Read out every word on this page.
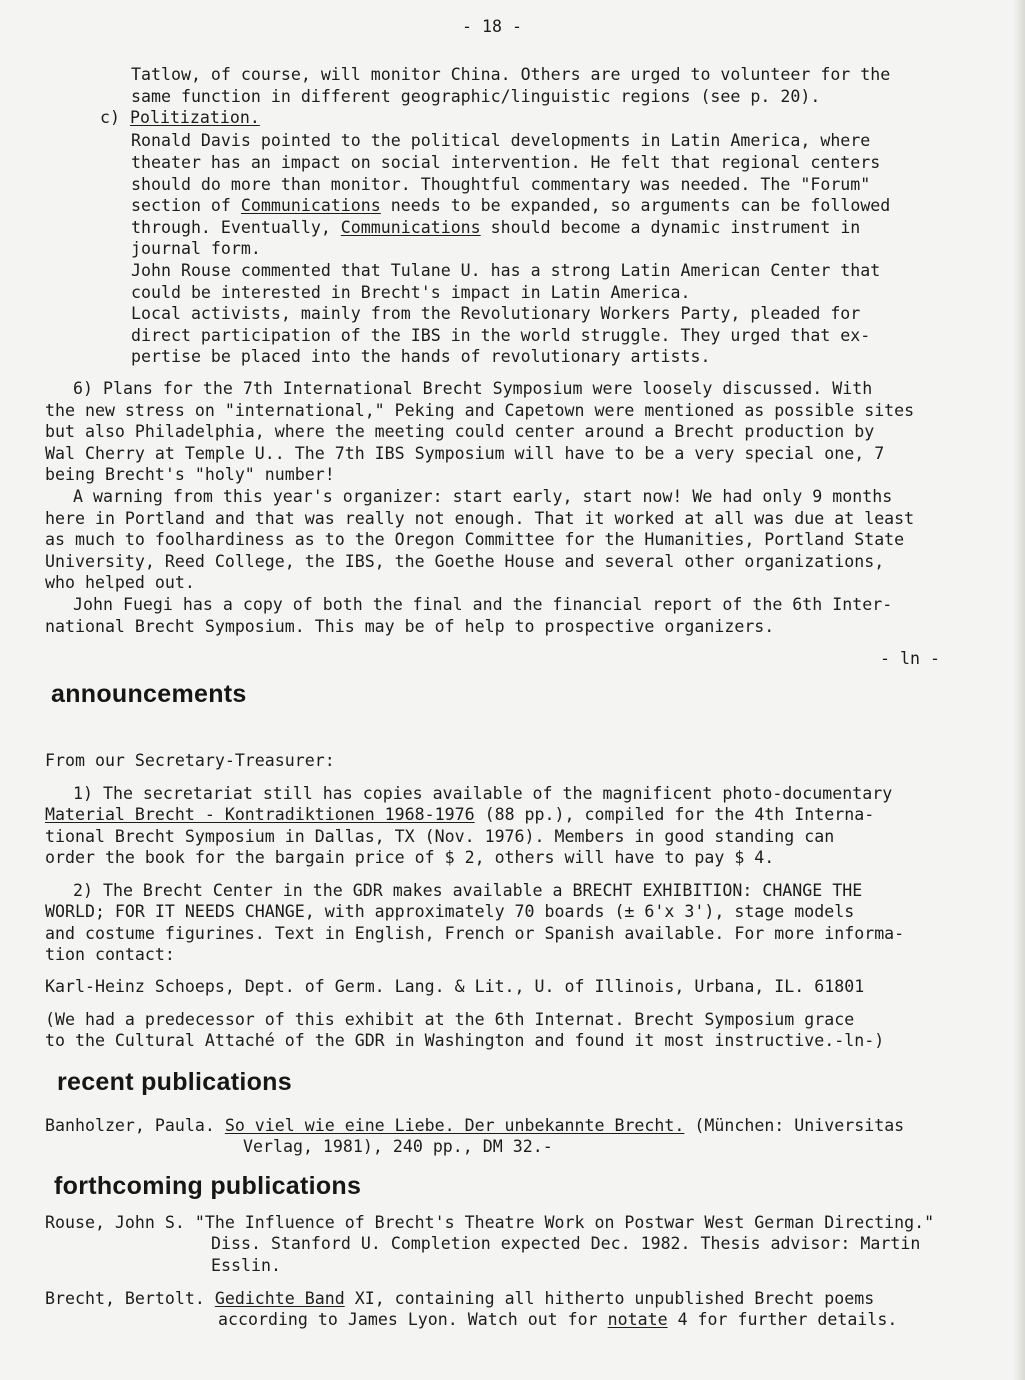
- 18 -
Tatlow, of course, will monitor China. Others are urged to volunteer for the
same function in different geographic/linguistic regions (see p. 20).
c) Politization.
Ronald Davis pointed to the political developments in Latin America, where
theater has an impact on social intervention. He felt that regional centers
should do more than monitor. Thoughtful commentary was needed. The "Forum"
section of Communications needs to be expanded, so arguments can be followed
through. Eventually, Communications should become a dynamic instrument in
journal form.
John Rouse commented that Tulane U. has a strong Latin American Center that
could be interested in Brecht's impact in Latin America.
Local activists, mainly from the Revolutionary Workers Party, pleaded for
direct participation of the IBS in the world struggle. They urged that ex-
pertise be placed into the hands of revolutionary artists.
6) Plans for the 7th International Brecht Symposium were loosely discussed. With
the new stress on "international," Peking and Capetown were mentioned as possible sites
but also Philadelphia, where the meeting could center around a Brecht production by
Wal Cherry at Temple U.. The 7th IBS Symposium will have to be a very special one, 7
being Brecht's "holy" number!
A warning from this year's organizer: start early, start now! We had only 9 months
here in Portland and that was really not enough. That it worked at all was due at least
as much to foolhardiness as to the Oregon Committee for the Humanities, Portland State
University, Reed College, the IBS, the Goethe House and several other organizations,
who helped out.
John Fuegi has a copy of both the final and the financial report of the 6th Inter-
national Brecht Symposium. This may be of help to prospective organizers.
- ln -
announcements
From our Secretary-Treasurer:
1) The secretariat still has copies available of the magnificent photo-documentary
Material Brecht - Kontradiktionen 1968-1976 (88 pp.), compiled for the 4th Interna-
tional Brecht Symposium in Dallas, TX (Nov. 1976). Members in good standing can
order the book for the bargain price of $ 2, others will have to pay $ 4.
2) The Brecht Center in the GDR makes available a BRECHT EXHIBITION: CHANGE THE
WORLD; FOR IT NEEDS CHANGE, with approximately 70 boards (± 6'x 3'), stage models
and costume figurines. Text in English, French or Spanish available. For more informa-
tion contact:
Karl-Heinz Schoeps, Dept. of Germ. Lang. & Lit., U. of Illinois, Urbana, IL. 61801
(We had a predecessor of this exhibit at the 6th Internat. Brecht Symposium grace
to the Cultural Attaché of the GDR in Washington and found it most instructive.-ln-)
recent publications
Banholzer, Paula. So viel wie eine Liebe. Der unbekannte Brecht. (München: Universitas
Verlag, 1981), 240 pp., DM 32.-
forthcoming publications
Rouse, John S. "The Influence of Brecht's Theatre Work on Postwar West German Directing."
Diss. Stanford U. Completion expected Dec. 1982. Thesis advisor: Martin
Esslin.
Brecht, Bertolt. Gedichte Band XI, containing all hitherto unpublished Brecht poems
according to James Lyon. Watch out for notate 4 for further details.
